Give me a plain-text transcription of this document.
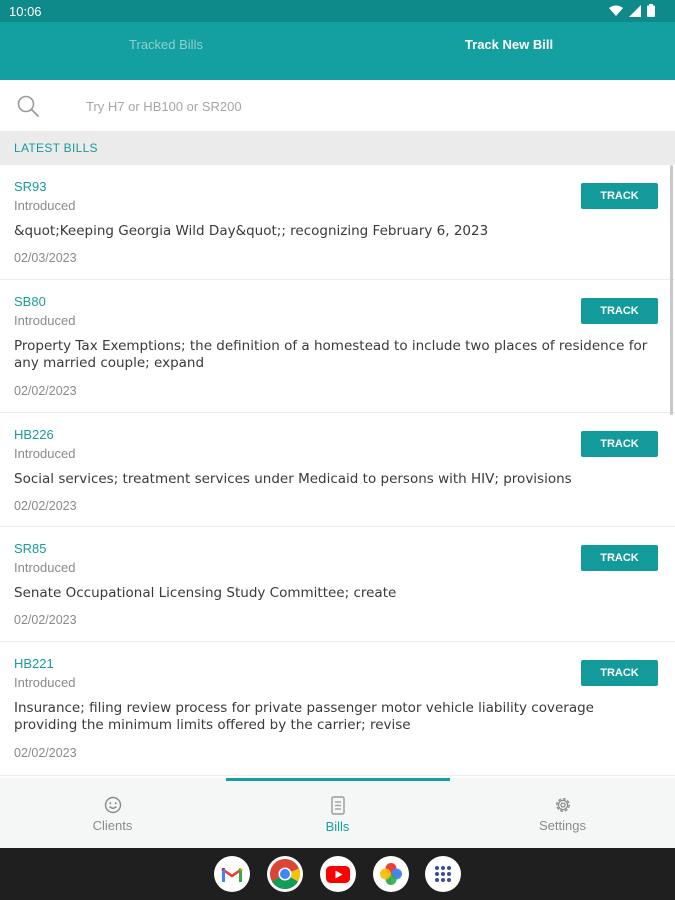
10:06
Tracked Bills	Track New Bill
Try H7 or HB100 or SR200
LATEST BILLS
SR93
Introduced
TRACK
&quot;Keeping Georgia Wild Day&quot;; recognizing February 6, 2023
02/03/2023
SB80
Introduced
TRACK
Property Tax Exemptions; the definition of a homestead to include two places of residence for any married couple; expand
02/02/2023
HB226
Introduced
TRACK
Social services; treatment services under Medicaid to persons with HIV; provisions
02/02/2023
SR85
Introduced
TRACK
Senate Occupational Licensing Study Committee; create
02/02/2023
HB221
Introduced
TRACK
Insurance; filing review process for private passenger motor vehicle liability coverage providing the minimum limits offered by the carrier; revise
02/02/2023
Clients	Bills	Settings
